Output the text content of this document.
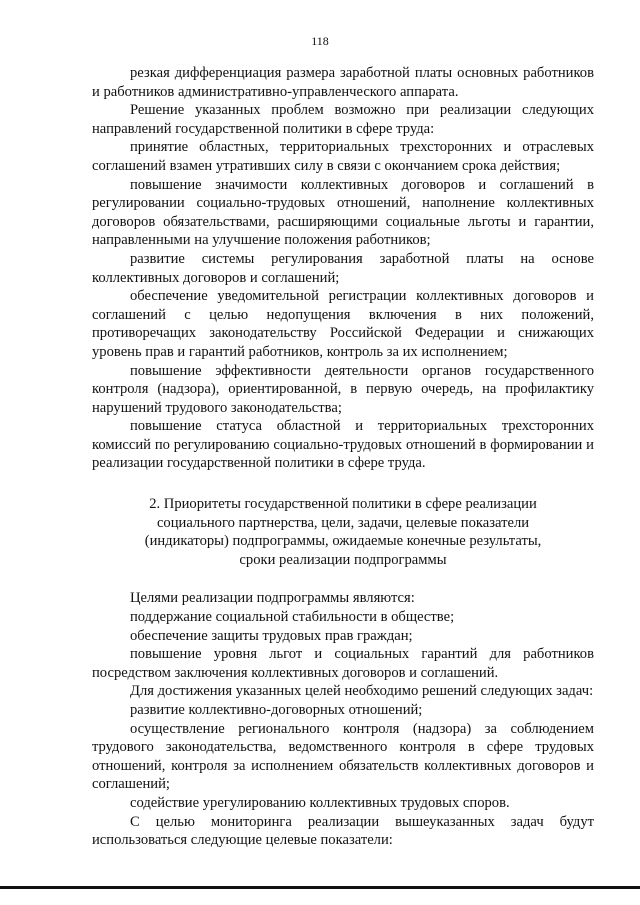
118

резкая дифференциация размера заработной платы основных работников и работников административно-управленческого аппарата.

Решение указанных проблем возможно при реализации следующих направлений государственной политики в сфере труда:

принятие областных, территориальных трехсторонних и отраслевых соглашений взамен утративших силу в связи с окончанием срока действия;

повышение значимости коллективных договоров и соглашений в регулировании социально-трудовых отношений, наполнение коллективных договоров обязательствами, расширяющими социальные льготы и гарантии, направленными на улучшение положения работников;

развитие системы регулирования заработной платы на основе коллективных договоров и соглашений;

обеспечение уведомительной регистрации коллективных договоров и соглашений с целью недопущения включения в них положений, противоречащих законодательству Российской Федерации и снижающих уровень прав и гарантий работников, контроль за их исполнением;

повышение эффективности деятельности органов государственного контроля (надзора), ориентированной, в первую очередь, на профилактику нарушений трудового законодательства;

повышение статуса областной и территориальных трехсторонних комиссий по регулированию социально-трудовых отношений в формировании и реализации государственной политики в сфере труда.

2. Приоритеты государственной политики в сфере реализации
социального партнерства, цели, задачи, целевые показатели
(индикаторы) подпрограммы, ожидаемые конечные результаты,
сроки реализации подпрограммы

Целями реализации подпрограммы являются:

поддержание социальной стабильности в обществе;

обеспечение защиты трудовых прав граждан;

повышение уровня льгот и социальных гарантий для работников посредством заключения коллективных договоров и соглашений.

Для достижения указанных целей необходимо решений следующих задач:

развитие коллективно-договорных отношений;

осуществление регионального контроля (надзора) за соблюдением трудового законодательства, ведомственного контроля в сфере трудовых отношений, контроля за исполнением обязательств коллективных договоров и соглашений;

содействие урегулированию коллективных трудовых споров.

С целью мониторинга реализации вышеуказанных задач будут использоваться следующие целевые показатели:
